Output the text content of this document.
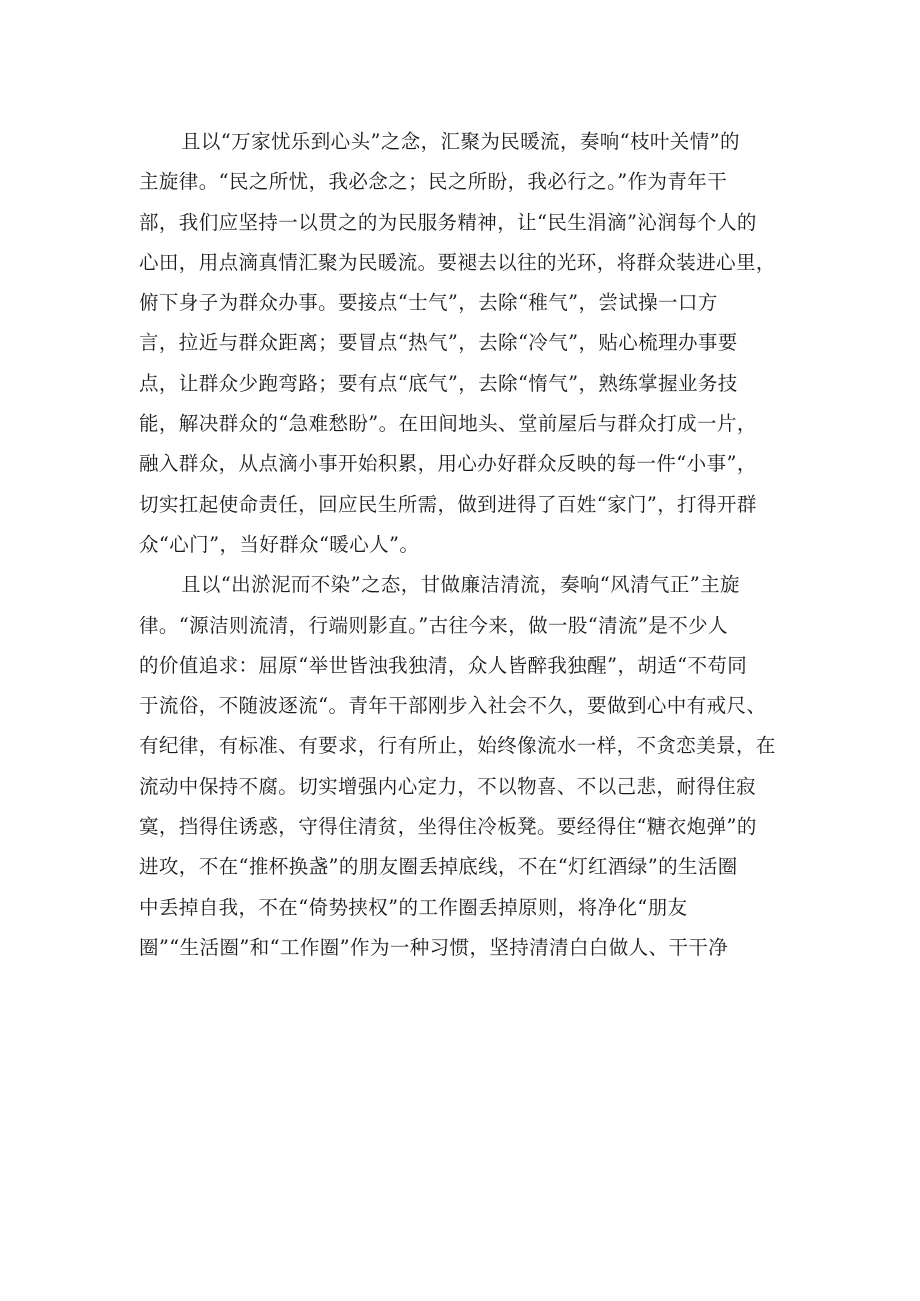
且以“万家忧乐到心头”之念，汇聚为民暖流，奏响“枝叶关情”的
主旋律。“民之所忧，我必念之；民之所盼，我必行之。”作为青年干
部，我们应坚持一以贯之的为民服务精神，让“民生涓滴”沁润每个人的
心田，用点滴真情汇聚为民暖流。要褪去以往的光环，将群众装进心里，
俯下身子为群众办事。要接点“士气”，去除“稚气”，尝试操一口方
言，拉近与群众距离；要冒点“热气”，去除“冷气”，贴心梳理办事要
点，让群众少跑弯路；要有点“底气”，去除“惰气”，熟练掌握业务技
能，解决群众的“急难愁盼”。在田间地头、堂前屋后与群众打成一片，
融入群众，从点滴小事开始积累，用心办好群众反映的每一件“小事”，
切实扛起使命责任，回应民生所需，做到进得了百姓“家门”，打得开群
众“心门”，当好群众“暖心人”。
且以“出淤泥而不染”之态，甘做廉洁清流，奏响“风清气正”主旋
律。“源洁则流清，行端则影直。”古往今来，做一股“清流”是不少人
的价值追求：屈原“举世皆浊我独清，众人皆醉我独醒”，胡适“不苟同
于流俗，不随波逐流“。青年干部刚步入社会不久，要做到心中有戒尺、
有纪律，有标准、有要求，行有所止，始终像流水一样，不贪恋美景，在
流动中保持不腐。切实增强内心定力，不以物喜、不以己悲，耐得住寂
寞，挡得住诱惑，守得住清贫，坐得住冷板凳。要经得住“糖衣炮弹”的
进攻，不在“推杯换盏”的朋友圈丢掉底线，不在“灯红酒绿”的生活圈
中丢掉自我，不在“倚势挟权”的工作圈丢掉原则，将净化“朋友
圈”“生活圈”和“工作圈”作为一种习惯，坚持清清白白做人、干干净
